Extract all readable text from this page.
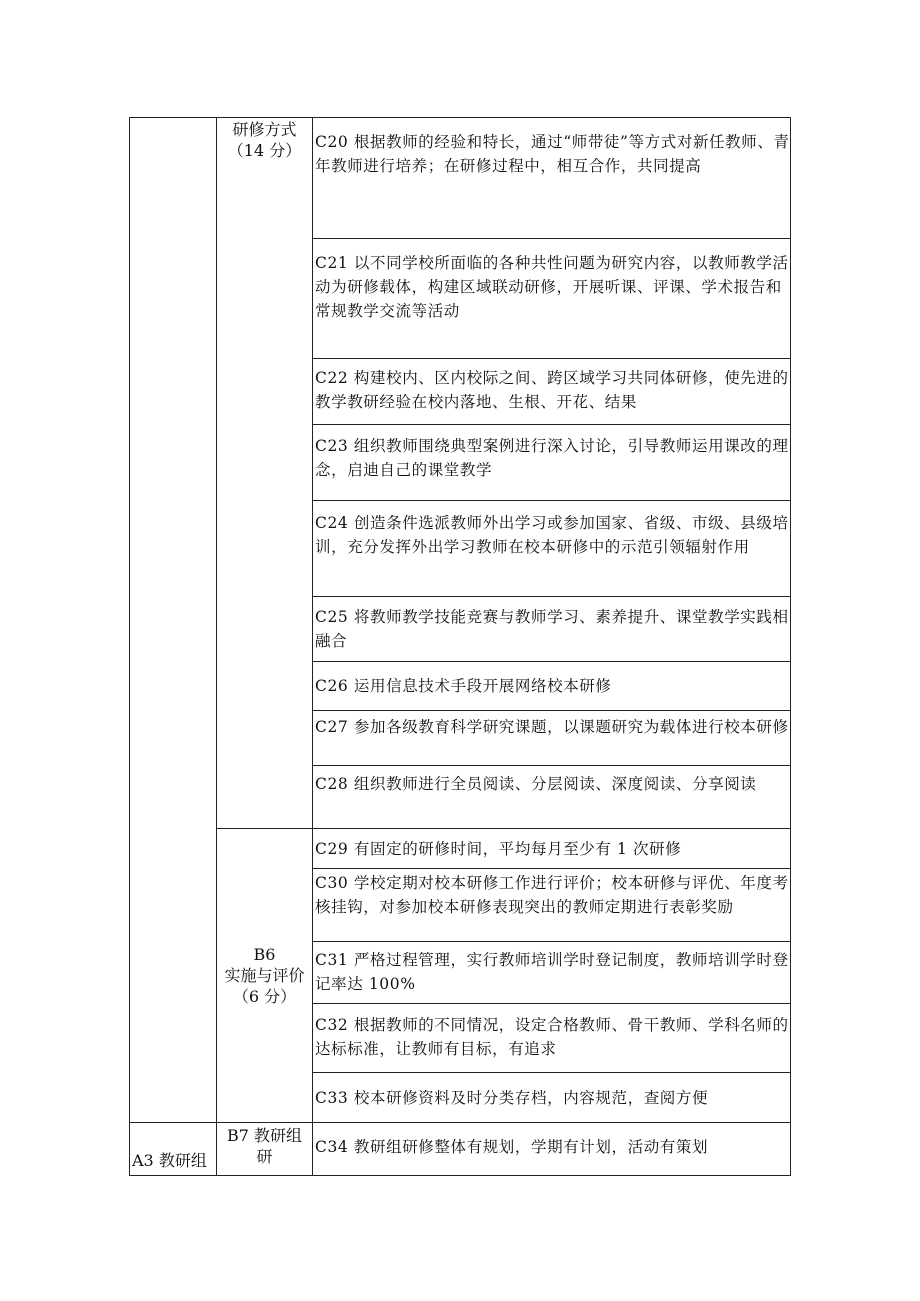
	研修方式
（14 分）	C20 根据教师的经验和特长，通过“师带徒”等方式对新任教师、青年教师进行培养；在研修过程中，相互合作，共同提高

		C21 以不同学校所面临的各种共性问题为研究内容，以教师教学活动为研修载体，构建区域联动研修，开展听课、评课、学术报告和常规教学交流等活动

		C22 构建校内、区内校际之间、跨区域学习共同体研修，使先进的教学教研经验在校内落地、生根、开花、结果

		C23 组织教师围绕典型案例进行深入讨论，引导教师运用课改的理念，启迪自己的课堂教学

		C24 创造条件选派教师外出学习或参加国家、省级、市级、县级培训，充分发挥外出学习教师在校本研修中的示范引领辐射作用

		C25 将教师教学技能竞赛与教师学习、素养提升、课堂教学实践相融合

		C26 运用信息技术手段开展网络校本研修

		C27 参加各级教育科学研究课题，以课题研究为载体进行校本研修

		C28 组织教师进行全员阅读、分层阅读、深度阅读、分享阅读

	B6
实施与评价
（6 分）	C29 有固定的研修时间，平均每月至少有 1 次研修

		C30 学校定期对校本研修工作进行评价；校本研修与评优、年度考核挂钩，对参加校本研修表现突出的教师定期进行表彰奖励

		C31 严格过程管理，实行教师培训学时登记制度，教师培训学时登记率达 100%

		C32 根据教师的不同情况，设定合格教师、骨干教师、学科名师的达标标准，让教师有目标，有追求

		C33 校本研修资料及时分类存档，内容规范，查阅方便

A3 教研组	B7 教研组
研	C34 教研组研修整体有规划，学期有计划，活动有策划
